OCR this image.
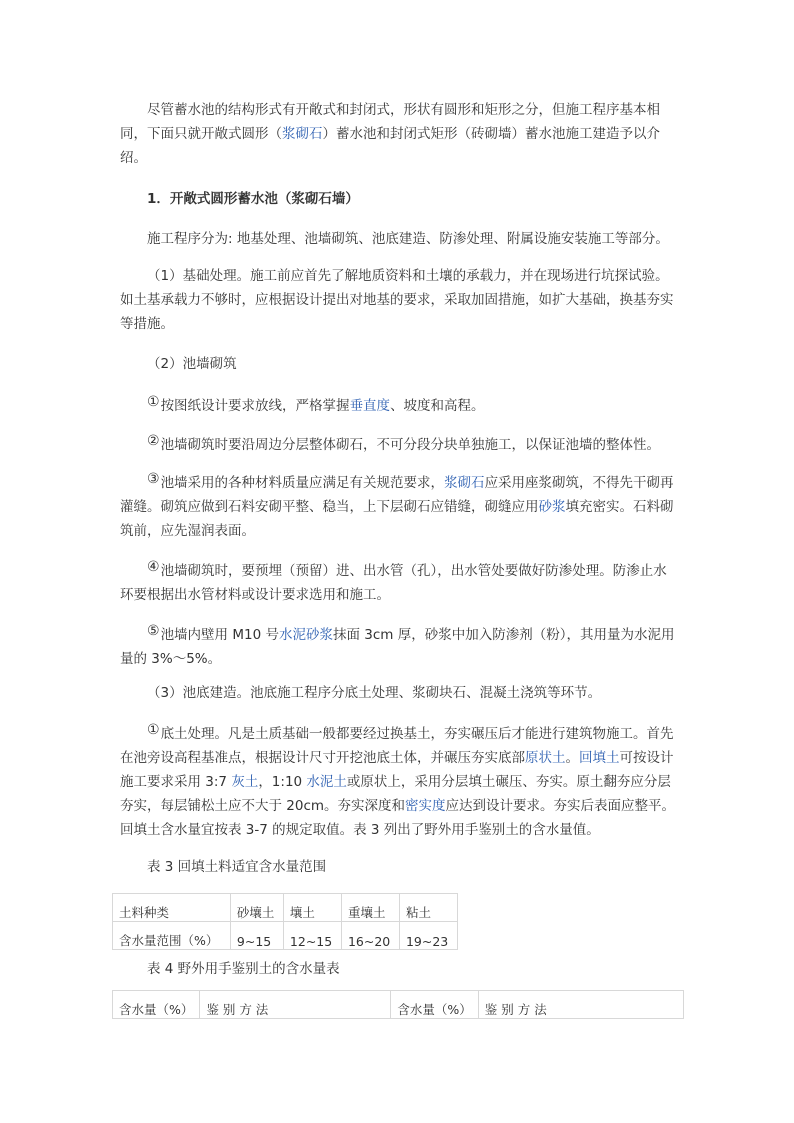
尽管蓄水池的结构形式有开敞式和封闭式，形状有圆形和矩形之分，但施工程序基本相同，下面只就开敞式圆形（浆砌石）蓄水池和封闭式矩形（砖砌墙）蓄水池施工建造予以介绍。

1．开敞式圆形蓄水池（浆砌石墙）

施工程序分为: 地基处理、池墙砌筑、池底建造、防渗处理、附属设施安装施工等部分。

（1）基础处理。施工前应首先了解地质资料和土壤的承载力，并在现场进行坑探试验。如土基承载力不够时，应根据设计提出对地基的要求，采取加固措施，如扩大基础，换基夯实等措施。

（2）池墙砌筑

①按图纸设计要求放线，严格掌握垂直度、坡度和高程。

②池墙砌筑时要沿周边分层整体砌石，不可分段分块单独施工，以保证池墙的整体性。

③池墙采用的各种材料质量应满足有关规范要求，浆砌石应采用座浆砌筑，不得先干砌再灌缝。砌筑应做到石料安砌平整、稳当，上下层砌石应错缝，砌缝应用砂浆填充密实。石料砌筑前，应先湿润表面。

④池墙砌筑时，要预埋（预留）进、出水管（孔），出水管处要做好防渗处理。防渗止水环要根据出水管材料或设计要求选用和施工。

⑤池墙内壁用 M10 号水泥砂浆抹面 3cm 厚，砂浆中加入防渗剂（粉），其用量为水泥用量的 3%～5%。

（3）池底建造。池底施工程序分底土处理、浆砌块石、混凝土浇筑等环节。

①底土处理。凡是土质基础一般都要经过换基土，夯实碾压后才能进行建筑物施工。首先在池旁设高程基准点，根据设计尺寸开挖池底土体，并碾压夯实底部原状土。回填土可按设计施工要求采用 3:7 灰土，1:10 水泥土或原状上，采用分层填土碾压、夯实。原土翻夯应分层夯实，每层铺松土应不大于 20cm。夯实深度和密实度应达到设计要求。夯实后表面应整平。回填土含水量宜按表 3-7 的规定取值。表 3 列出了野外用手鉴别土的含水量值。

表 3 回填土料适宜含水量范围

土料种类	砂壤土	壤土	重壤土	粘土
含水量范围（%）	9~15	12~15	16~20	19~23

表 4 野外用手鉴别土的含水量表

含水量（%）	鉴 别 方 法	含水量（%）	鉴 别 方 法
